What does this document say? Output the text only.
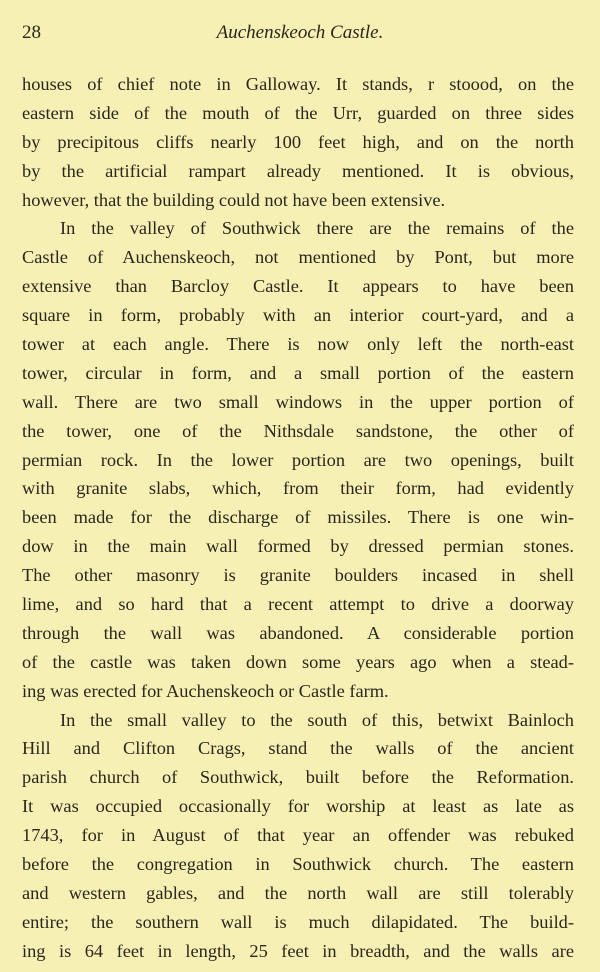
28	Auchenskeoch Castle.
houses of chief note in Galloway. It stands, r stoood, on the
eastern side of the mouth of the Urr, guarded on three sides
by precipitous cliffs nearly 100 feet high, and on the north
by the artificial rampart already mentioned. It is obvious,
however, that the building could not have been extensive.
In the valley of Southwick there are the remains of the
Castle of Auchenskeoch, not mentioned by Pont, but more
extensive than Barcloy Castle. It appears to have been
square in form, probably with an interior court-yard, and a
tower at each angle. There is now only left the north-east
tower, circular in form, and a small portion of the eastern
wall. There are two small windows in the upper portion of
the tower, one of the Nithsdale sandstone, the other of
permian rock. In the lower portion are two openings, built
with granite slabs, which, from their form, had evidently
been made for the discharge of missiles. There is one win-
dow in the main wall formed by dressed permian stones.
The other masonry is granite boulders incased in shell
lime, and so hard that a recent attempt to drive a doorway
through the wall was abandoned. A considerable portion
of the castle was taken down some years ago when a stead-
ing was erected for Auchenskeoch or Castle farm.
In the small valley to the south of this, betwixt Bainloch
Hill and Clifton Crags, stand the walls of the ancient
parish church of Southwick, built before the Reformation.
It was occupied occasionally for worship at least as late as
1743, for in August of that year an offender was rebuked
before the congregation in Southwick church. The eastern
and western gables, and the north wall are still tolerably
entire; the southern wall is much dilapidated. The build-
ing is 64 feet in length, 25 feet in breadth, and the walls are
